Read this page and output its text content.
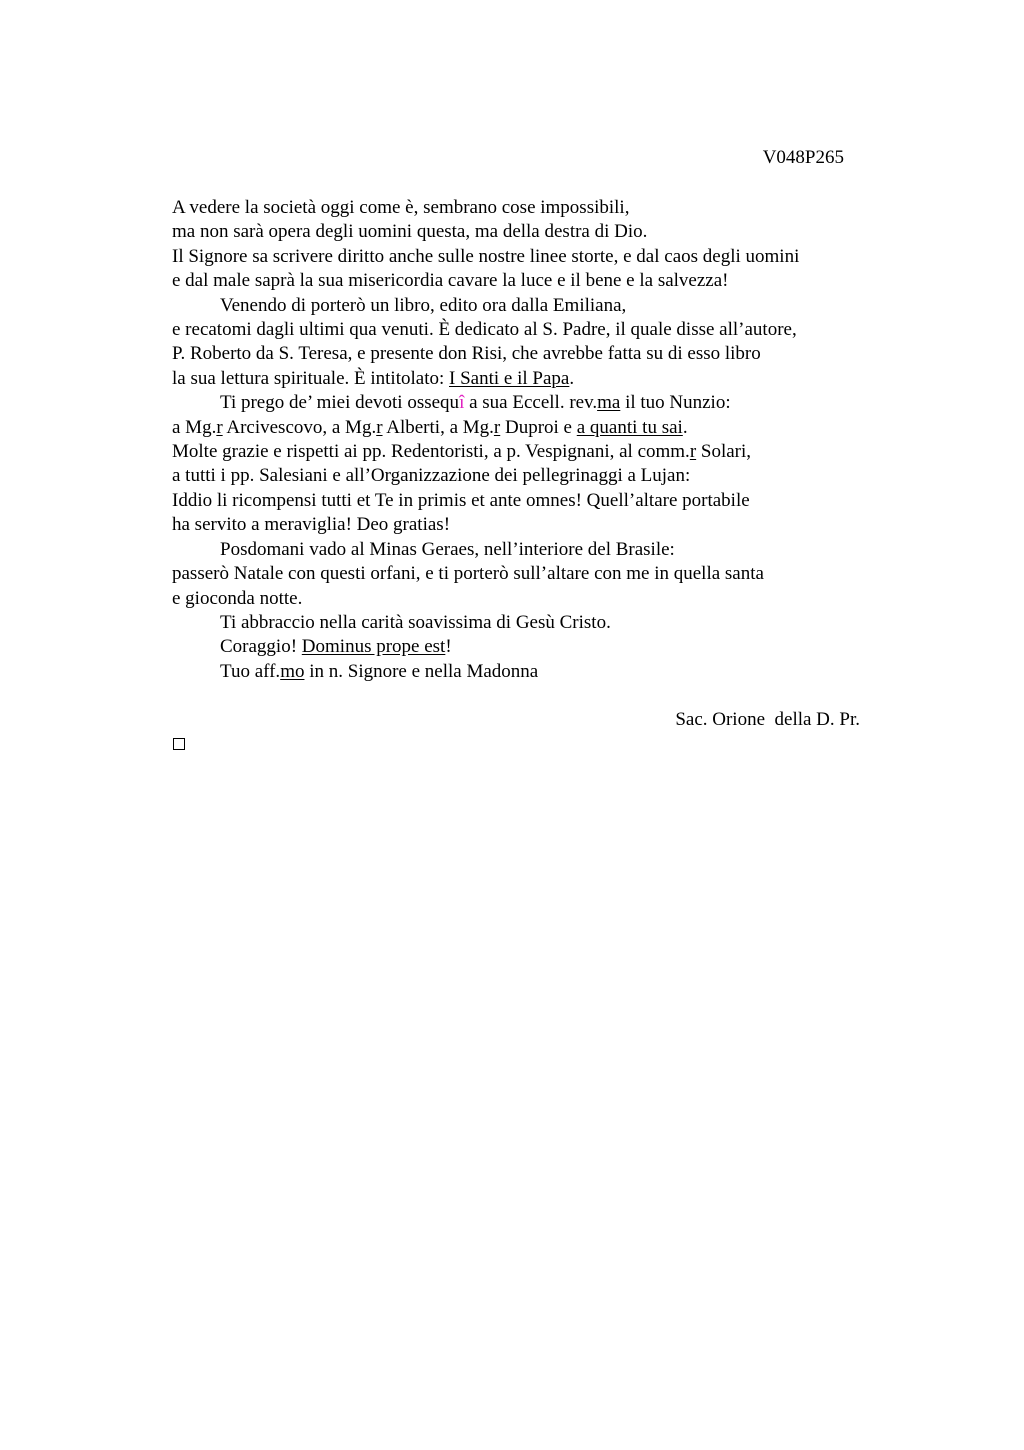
V048P265
A vedere la società oggi come è, sembrano cose impossibili,
ma non sarà opera degli uomini questa, ma della destra di Dio.
Il Signore sa scrivere diritto anche sulle nostre linee storte, e dal caos degli uomini
e dal male saprà la sua misericordia cavare la luce e il bene e la salvezza!
Venendo di porterò un libro, edito ora dalla Emiliana,
e recatomi dagli ultimi qua venuti. È dedicato al S. Padre, il quale disse all’autore,
P. Roberto da S. Teresa, e presente don Risi, che avrebbe fatta su di esso libro
la sua lettura spirituale. È intitolato: I Santi e il Papa.
Ti prego de’ miei devoti ossequî a sua Eccell. rev.ma il tuo Nunzio:
a Mg.r Arcivescovo, a Mg.r Alberti, a Mg.r Duproi e a quanti tu sai.
Molte grazie e rispetti ai pp. Redentoristi, a p. Vespignani, al comm.r Solari,
a tutti i pp. Salesiani e all’Organizzazione dei pellegrinaggi a Lujan:
Iddio li ricompensi tutti et Te in primis et ante omnes! Quell’altare portabile
ha servito a meraviglia! Deo gratias!
Posdomani vado al Minas Geraes, nell’interiore del Brasile:
passerò Natale con questi orfani, e ti porterò sull’altare con me in quella santa
e gioconda notte.
Ti abbraccio nella carità soavissima di Gesù Cristo.
Coraggio! Dominus prope est!
Tuo aff.mo in n. Signore e nella Madonna
Sac. Orione  della D. Pr.
